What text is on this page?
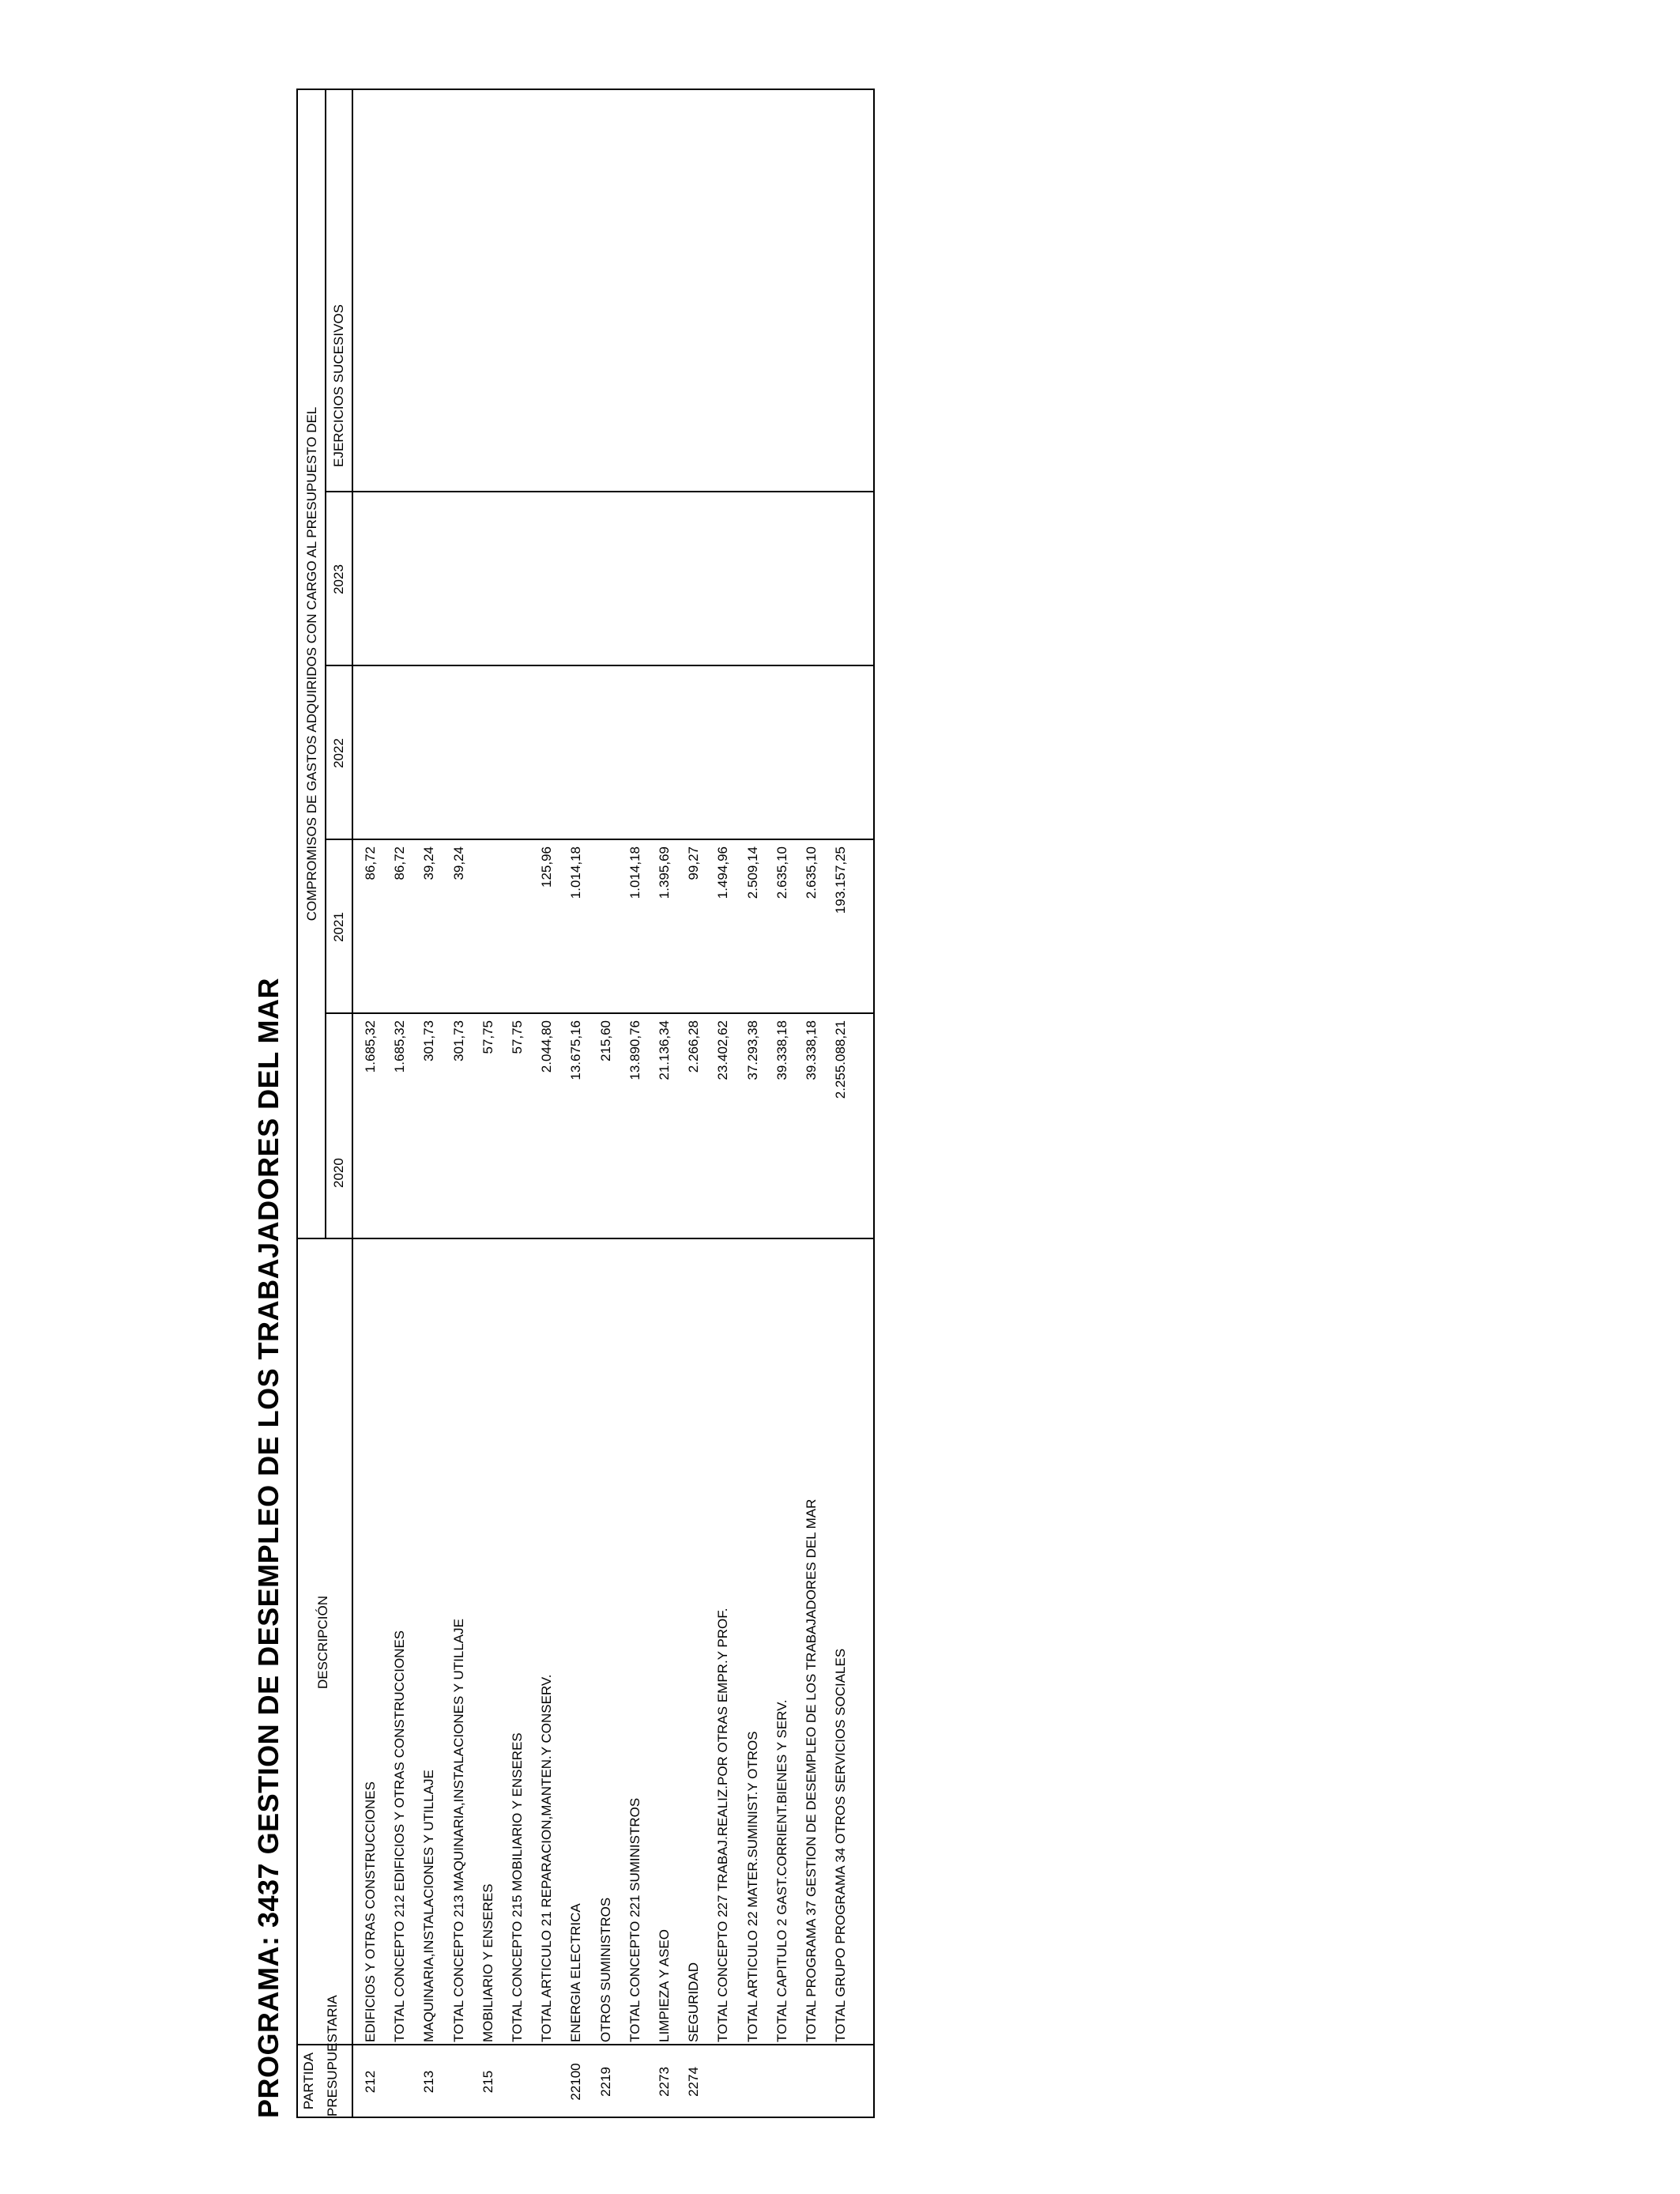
PROGRAMA: 3437 GESTION DE DESEMPLEO DE LOS TRABAJADORES DEL MAR	PARTIDA PRESUPUESTARIA
DESCRIPCIÓN
COMPROMISOS DE GASTOS ADQUIRIDOS CON CARGO AL PRESUPUESTO DEL
2020
2021
2022
2023
EJERCICIOS SUCESIVOS
212
EDIFICIOS Y OTRAS CONSTRUCCIONES
1.685,32
86,72
TOTAL CONCEPTO 212 EDIFICIOS Y OTRAS CONSTRUCCIONES
1.685,32
86,72
213
MAQUINARIA,INSTALACIONES Y UTILLAJE
301,73
39,24
TOTAL CONCEPTO 213 MAQUINARIA,INSTALACIONES Y UTILLAJE
301,73
39,24
215
MOBILIARIO Y ENSERES
57,75
TOTAL CONCEPTO 215 MOBILIARIO Y ENSERES
57,75
TOTAL ARTICULO 21 REPARACION,MANTEN.Y CONSERV.
2.044,80
125,96
22100
ENERGIA ELECTRICA
13.675,16
1.014,18
2219
OTROS SUMINISTROS
215,60
TOTAL CONCEPTO 221 SUMINISTROS
13.890,76
1.014,18
2273
LIMPIEZA Y ASEO
21.136,34
1.395,69
2274
SEGURIDAD
2.266,28
99,27
TOTAL CONCEPTO 227 TRABAJ.REALIZ.POR OTRAS EMPR.Y PROF.
23.402,62
1.494,96
TOTAL ARTICULO 22 MATER.SUMINIST.Y OTROS
37.293,38
2.509,14
TOTAL CAPITULO 2 GAST.CORRIENT.BIENES Y SERV.
39.338,18
2.635,10
TOTAL PROGRAMA 37 GESTION DE DESEMPLEO DE LOS TRABAJADORES DEL MAR
39.338,18
2.635,10
TOTAL GRUPO PROGRAMA 34 OTROS SERVICIOS SOCIALES
2.255.088,21
193.157,25
